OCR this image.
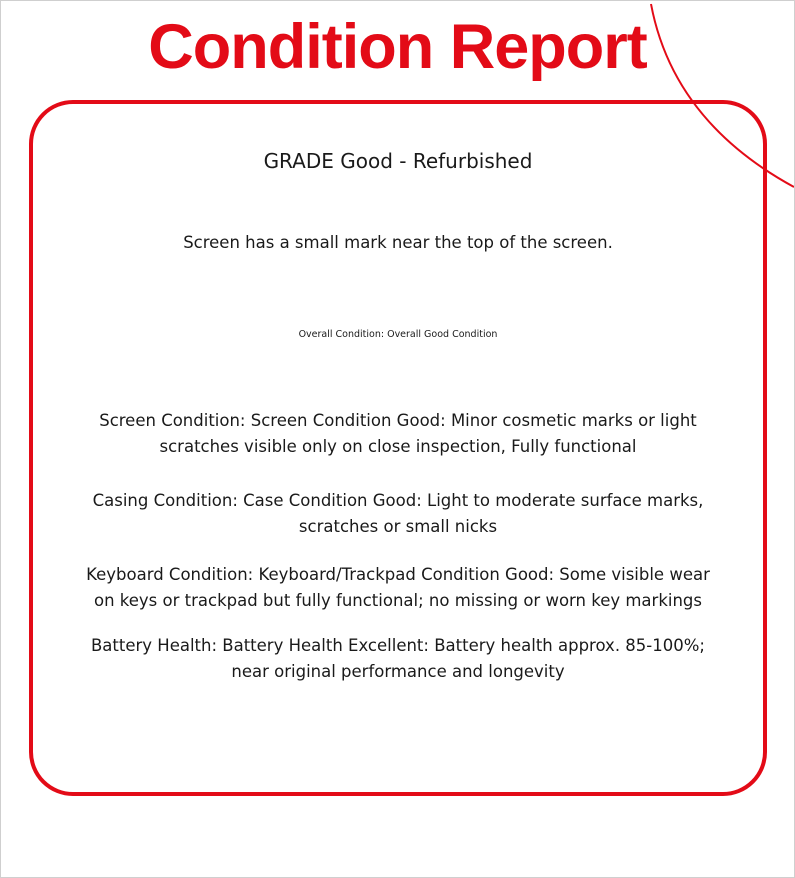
Condition Report
GRADE Good - Refurbished
Screen has a small mark near the top of the screen.
Overall Condition: Overall Good Condition
Screen Condition: Screen Condition Good: Minor cosmetic marks or light
scratches visible only on close inspection, Fully functional
Casing Condition: Case Condition Good: Light to moderate surface marks,
scratches or small nicks
Keyboard Condition: Keyboard/Trackpad Condition Good: Some visible wear
on keys or trackpad but fully functional; no missing or worn key markings
Battery Health: Battery Health Excellent: Battery health approx. 85-100%;
near original performance and longevity
